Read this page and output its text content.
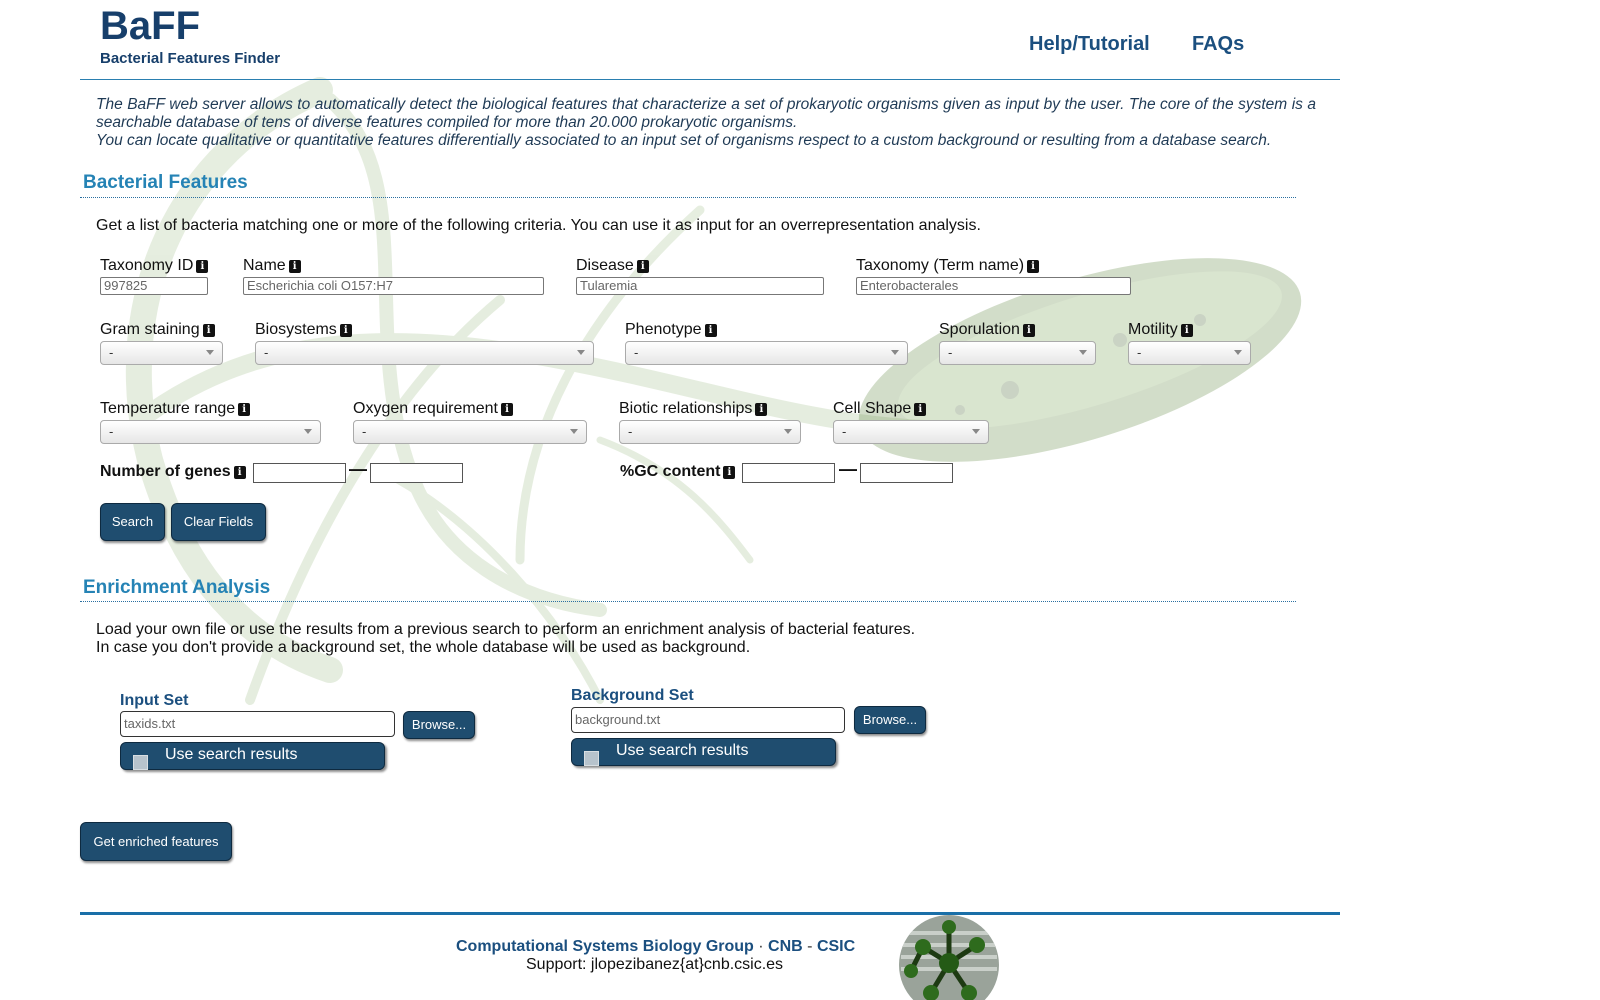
BaFF
Bacterial Features Finder
Help/Tutorial FAQs
The BaFF web server allows to automatically detect the biological features that characterize a set of prokaryotic organisms given as input by the user. The core of the system is a searchable database of tens of diverse features compiled for more than 20.000 prokaryotic organisms.
You can locate qualitative or quantitative features differentially associated to an input set of organisms respect to a custom background or resulting from a database search.
Bacterial Features
Get a list of bacteria matching one or more of the following criteria. You can use it as input for an overrepresentation analysis.
Taxonomy ID i
997825
Name i
Escherichia coli O157:H7
Disease i
Tularemia
Taxonomy (Term name) i
Enterobacterales
Gram staining i
-
Biosystems i
-
Phenotype i
-
Sporulation i
-
Motility i
-
Temperature range i
-
Oxygen requirement i
-
Biotic relationships i
-
Cell Shape i
-
Number of genes i	—	%GC content i	—
Search	Clear Fields
Enrichment Analysis
Load your own file or use the results from a previous search to perform an enrichment analysis of bacterial features.
In case you don't provide a background set, the whole database will be used as background.
Input Set
taxids.txt	Browse...
Use search results
Background Set
background.txt	Browse...
Use search results
Get enriched features
Computational Systems Biology Group · CNB - CSIC
Support: jlopezibanez{at}cnb.csic.es
